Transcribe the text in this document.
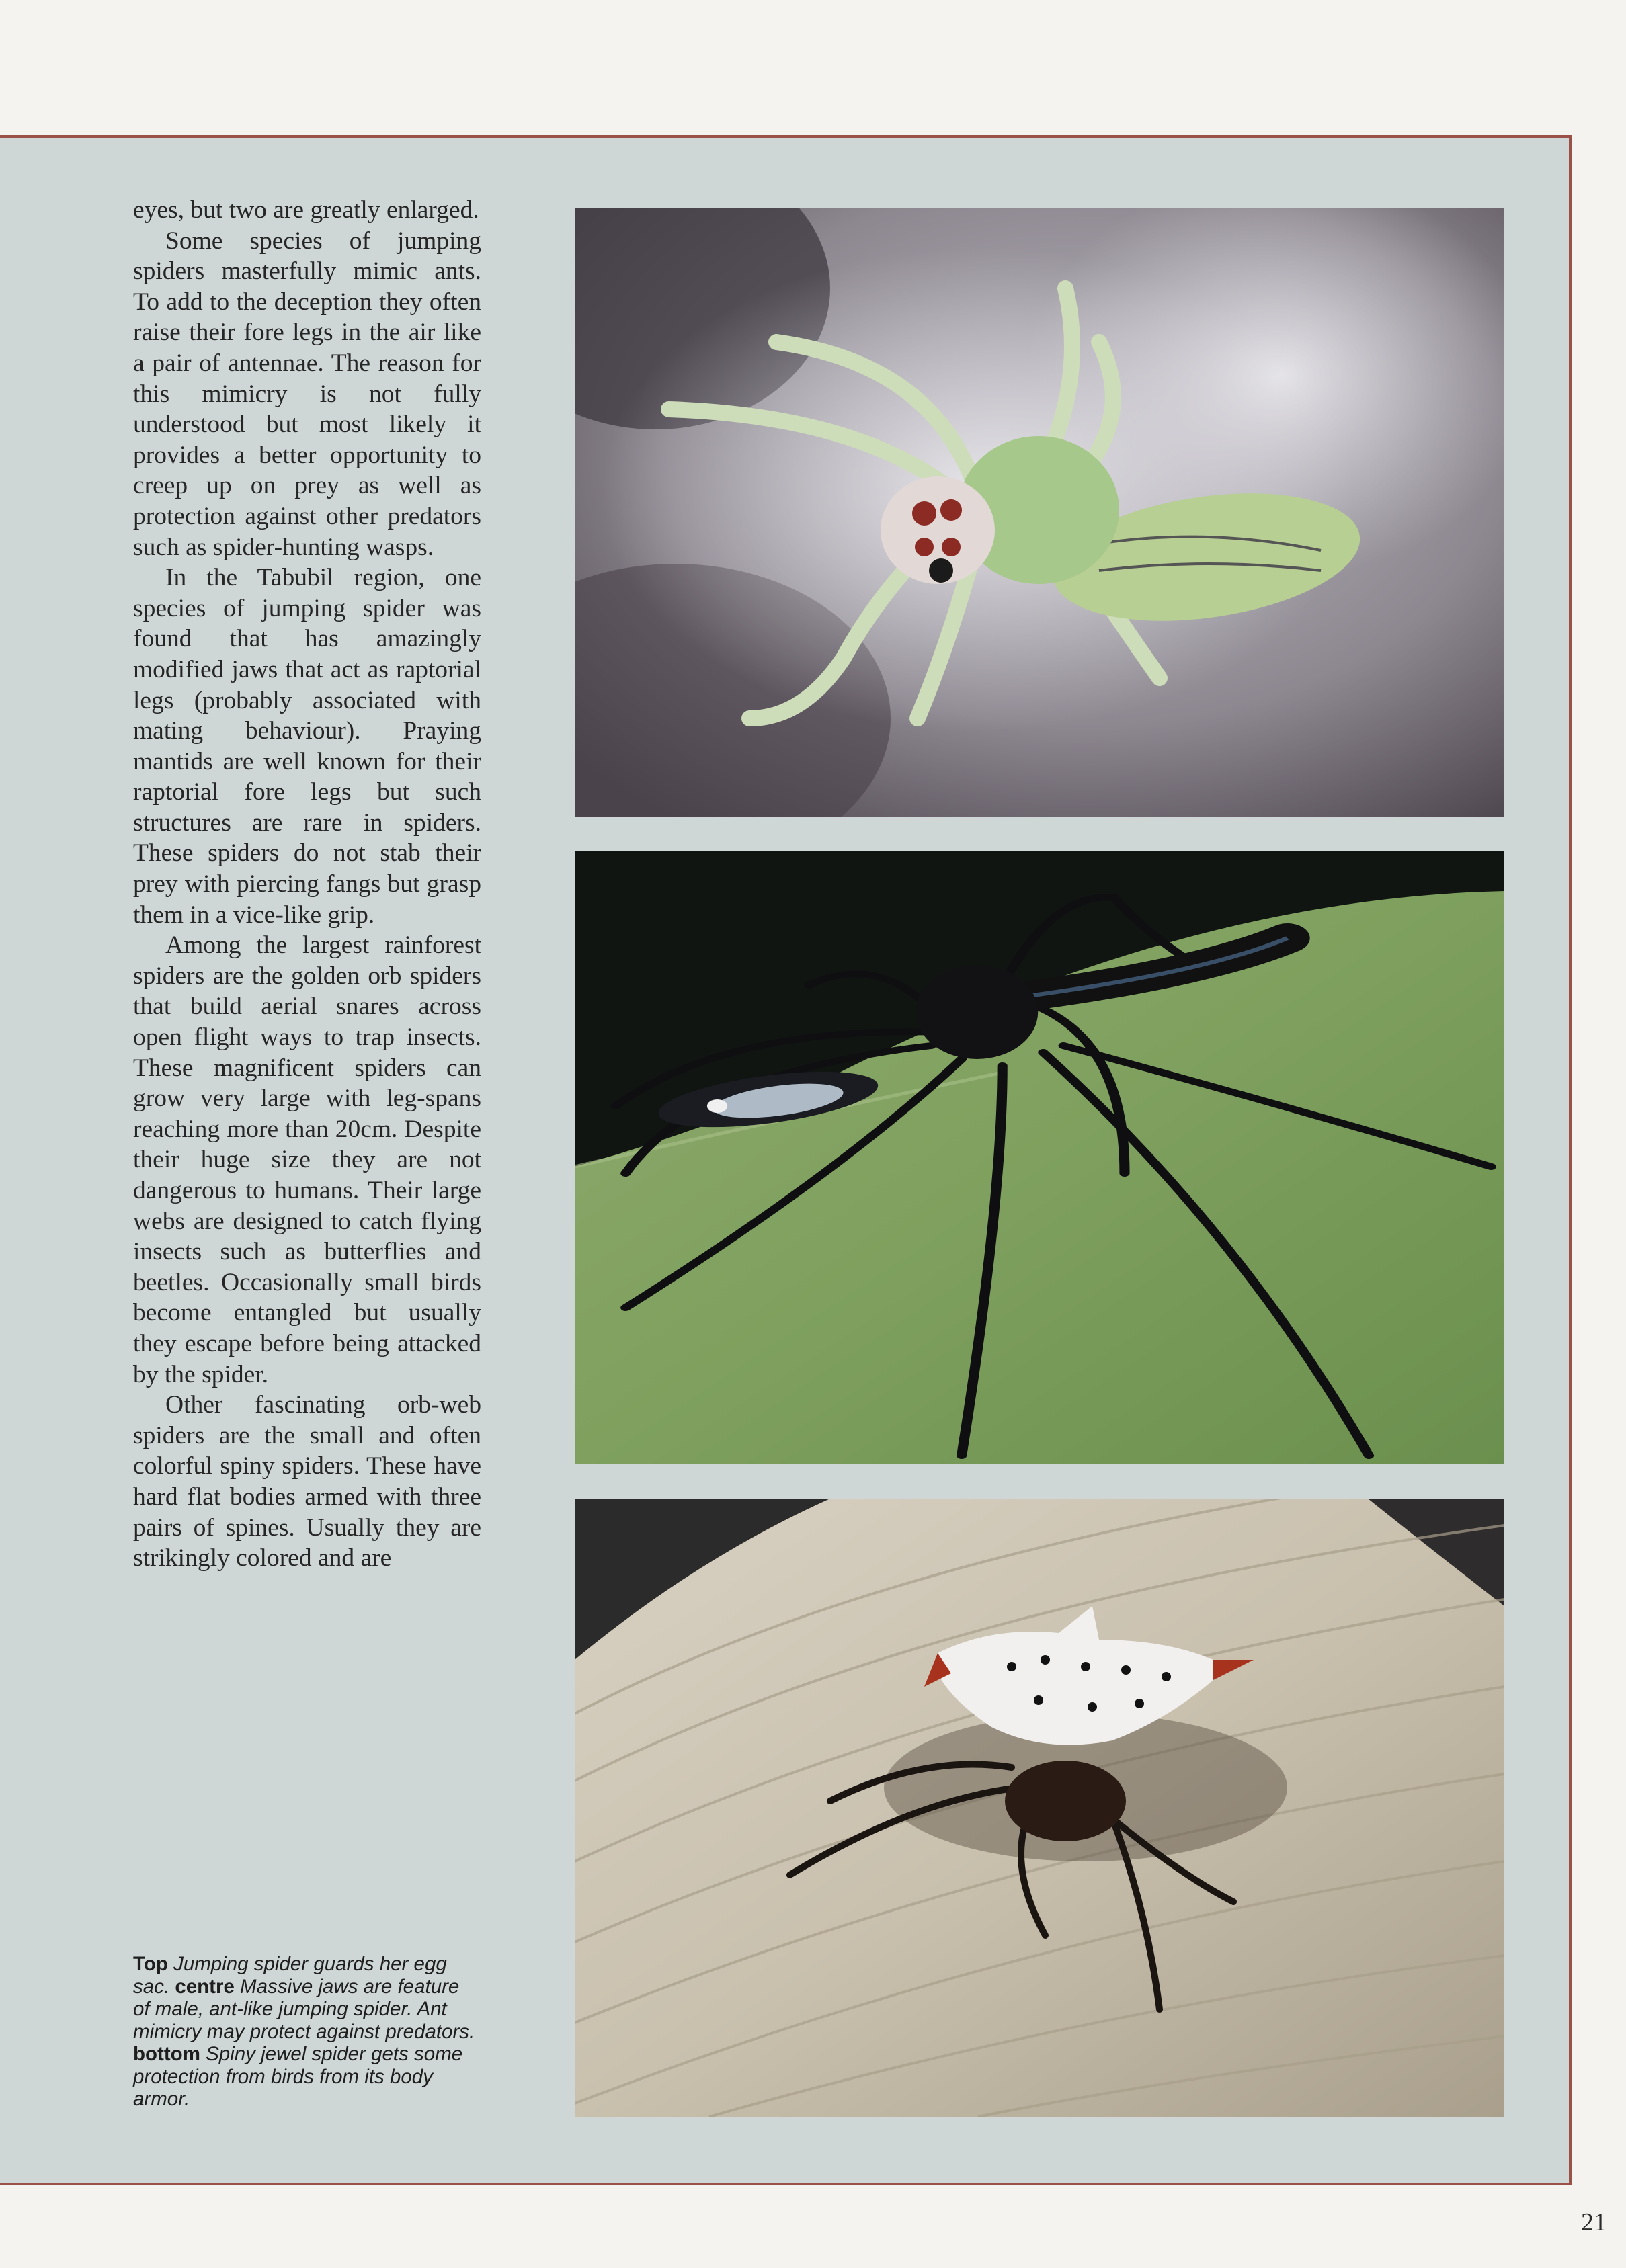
eyes, but two are greatly enlarged.

Some species of jumping spiders masterfully mimic ants. To add to the deception they often raise their fore legs in the air like a pair of antennae. The reason for this mimicry is not fully understood but most likely it provides a better opportunity to creep up on prey as well as protection against other predators such as spider-hunting wasps.

In the Tabubil region, one species of jumping spider was found that has amazingly modified jaws that act as raptorial legs (probably associated with mating behaviour). Praying mantids are well known for their raptorial fore legs but such structures are rare in spiders. These spiders do not stab their prey with piercing fangs but grasp them in a vice-like grip.

Among the largest rainforest spiders are the golden orb spiders that build aerial snares across open flight ways to trap insects. These magnificent spiders can grow very large with leg-spans reaching more than 20cm. Despite their huge size they are not dangerous to humans. Their large webs are designed to catch flying insects such as butterflies and beetles. Occasionally small birds become entangled but usually they escape before being attacked by the spider.

Other fascinating orb-web spiders are the small and often colorful spiny spiders. These have hard flat bodies armed with three pairs of spines. Usually they are strikingly colored and are

Top Jumping spider guards her egg sac. centre Massive jaws are feature of male, ant-like jumping spider. Ant mimicry may protect against predators. bottom Spiny jewel spider gets some protection from birds from its body armor.
21
